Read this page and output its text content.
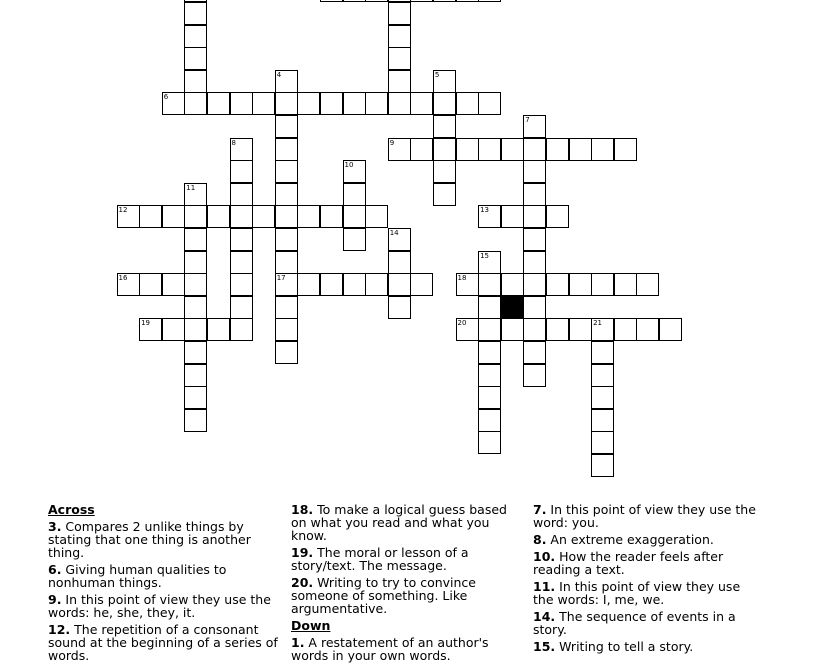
6
4
17
5
9
7
8
10
11
12	13
14
15
16	18
19	20	21
Across
3. Compares 2 unlike things by stating that one thing is another thing.
6. Giving human qualities to nonhuman things.
9. In this point of view they use the words: he, she, they, it.
12. The repetition of a consonant sound at the beginning of a series of words.
18. To make a logical guess based on what you read and what you know.
19. The moral or lesson of a story/text. The message.
20. Writing to try to convince someone of something. Like argumentative.
Down
1. A restatement of an author's words in your own words.
7. In this point of view they use the word: you.
8. An extreme exaggeration.
10. How the reader feels after reading a text.
11. In this point of view they use the words: I, me, we.
14. The sequence of events in a story.
15. Writing to tell a story.
